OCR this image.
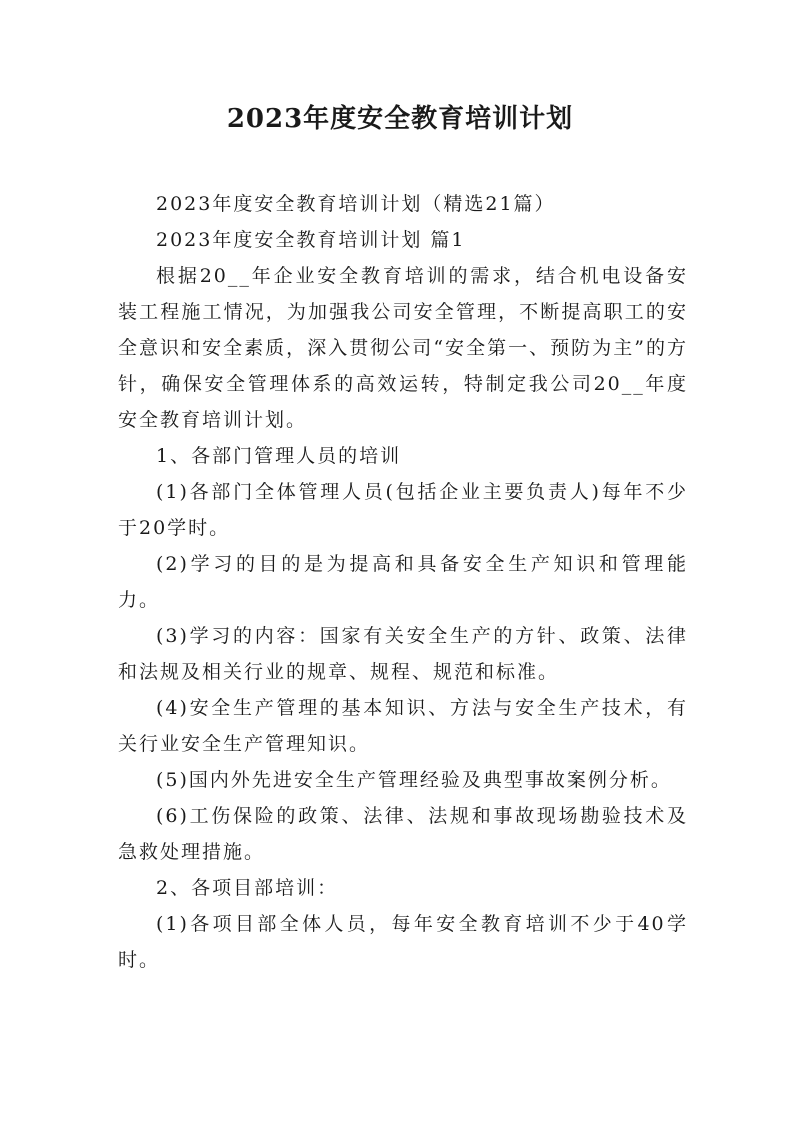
2023年度安全教育培训计划

2023年度安全教育培训计划（精选21篇）

2023年度安全教育培训计划 篇1

根据20__年企业安全教育培训的需求，结合机电设备安装工程施工情况，为加强我公司安全管理，不断提高职工的安全意识和安全素质，深入贯彻公司“安全第一、预防为主”的方针，确保安全管理体系的高效运转，特制定我公司20__年度安全教育培训计划。

1、各部门管理人员的培训

(1)各部门全体管理人员(包括企业主要负责人)每年不少于20学时。

(2)学习的目的是为提高和具备安全生产知识和管理能力。

(3)学习的内容：国家有关安全生产的方针、政策、法律和法规及相关行业的规章、规程、规范和标准。

(4)安全生产管理的基本知识、方法与安全生产技术，有关行业安全生产管理知识。

(5)国内外先进安全生产管理经验及典型事故案例分析。

(6)工伤保险的政策、法律、法规和事故现场勘验技术及急救处理措施。

2、各项目部培训：

(1)各项目部全体人员，每年安全教育培训不少于40学时。
